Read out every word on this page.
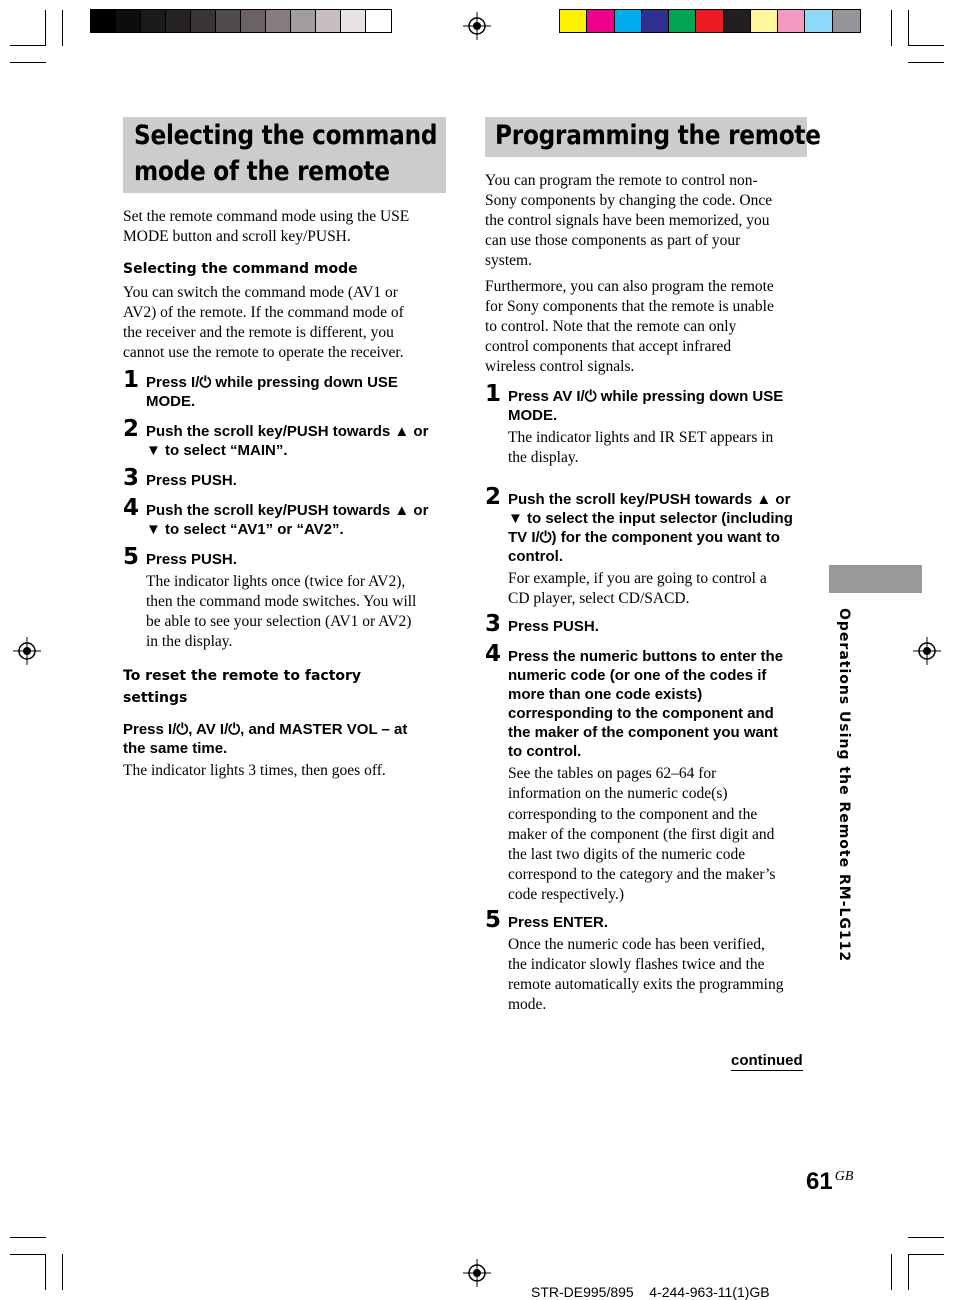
Selecting the command
mode of the remote
Set the remote command mode using the USE
MODE button and scroll key/PUSH.
Selecting the command mode
You can switch the command mode (AV1 or
AV2) of the remote. If the command mode of
the receiver and the remote is different, you
cannot use the remote to operate the receiver.
1 Press I/⏻ while pressing down USE
MODE.
2 Push the scroll key/PUSH towards ▲ or
▼ to select “MAIN”.
3 Press PUSH.
4 Push the scroll key/PUSH towards ▲ or
▼ to select “AV1” or “AV2”.
5 Press PUSH.
The indicator lights once (twice for AV2),
then the command mode switches. You will
be able to see your selection (AV1 or AV2)
in the display.
To reset the remote to factory
settings
Press I/⏻, AV I/⏻, and MASTER VOL – at
the same time.
The indicator lights 3 times, then goes off.
Programming the remote
You can program the remote to control non-
Sony components by changing the code. Once
the control signals have been memorized, you
can use those components as part of your
system.
Furthermore, you can also program the remote
for Sony components that the remote is unable
to control. Note that the remote can only
control components that accept infrared
wireless control signals.
1 Press AV I/⏻ while pressing down USE
MODE.
The indicator lights and IR SET appears in
the display.
2 Push the scroll key/PUSH towards ▲ or
▼ to select the input selector (including
TV I/⏻) for the component you want to
control.
For example, if you are going to control a
CD player, select CD/SACD.
3 Press PUSH.
4 Press the numeric buttons to enter the
numeric code (or one of the codes if
more than one code exists)
corresponding to the component and
the maker of the component you want
to control.
See the tables on pages 62–64 for
information on the numeric code(s)
corresponding to the component and the
maker of the component (the first digit and
the last two digits of the numeric code
correspond to the category and the maker’s
code respectively.)
5 Press ENTER.
Once the numeric code has been verified,
the indicator slowly flashes twice and the
remote automatically exits the programming
mode.
continued
Operations Using the Remote RM-LG112
61 GB
STR-DE995/895    4-244-963-11(1)GB
